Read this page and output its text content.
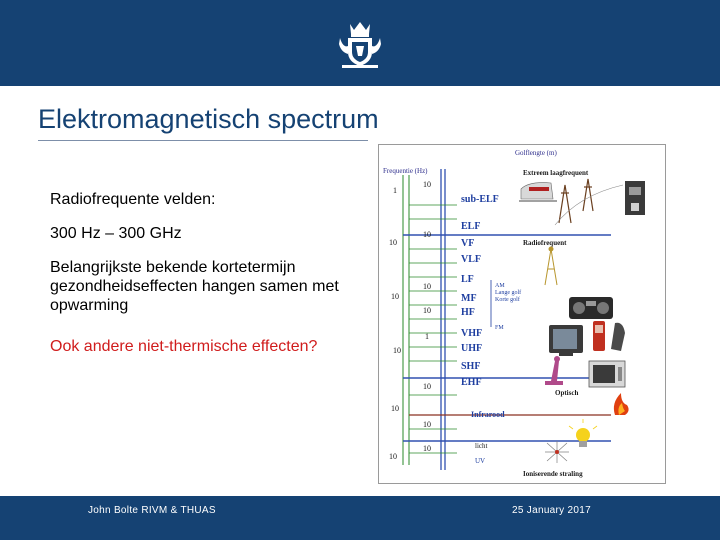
Elektromagnetisch spectrum

Radiofrequente velden:

300 Hz – 300 GHz

Belangrijkste bekende kortetermijn gezondheidseffecten hangen samen met opwarming

Ook andere niet-thermische effecten?

Golflengte (m)
Frequentie (Hz)
1
10
10
10
10
10
10
10
10
10
1
10
10
10
sub-ELF
ELF
VF
VLF
LF
MF
HF
VHF
UHF
SHF
EHF
Infrarood
licht
UV
AM
Lange golf
Korte golf
FM
Extreem laagfrequent
Radiofrequent
Optisch
Ioniserende straling
John Bolte RIVM & THUAS	25 January 2017
